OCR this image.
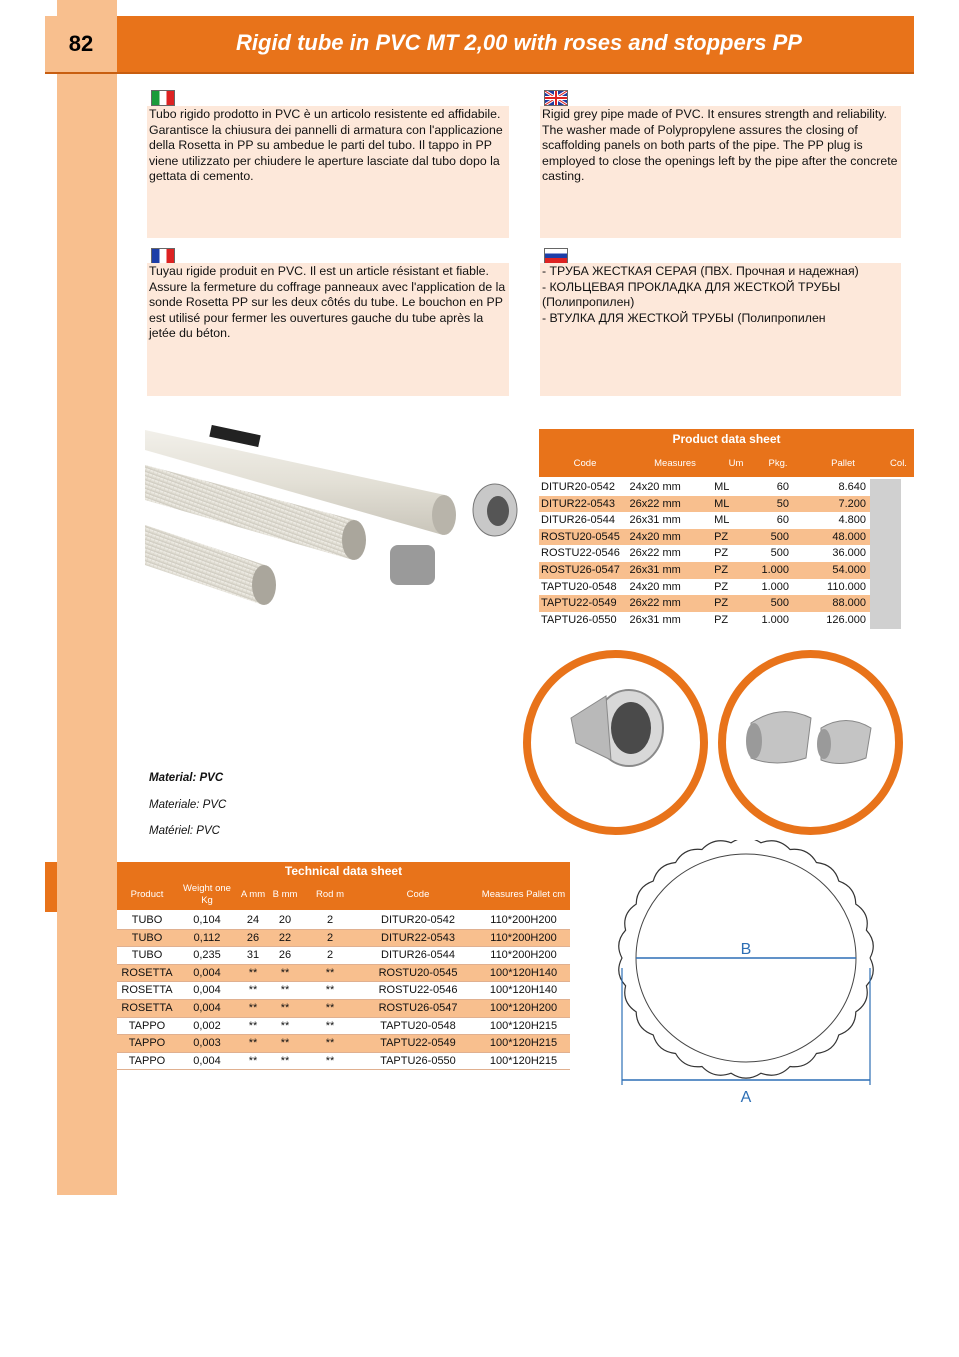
82	Rigid tube in PVC MT 2,00 with roses and stoppers PP
Tubo rigido prodotto in PVC è un articolo resistente ed affidabile. Garantisce la chiusura dei pannelli di armatura con l'applicazione della Rosetta in PP su ambedue le parti del tubo. Il tappo in PP viene utilizzato per chiudere le aperture lasciate dal tubo dopo la gettata di cemento.
Rigid grey pipe made of PVC. It ensures strength and reliability. The washer made of Polypropylene assures the closing of scaffolding panels on both parts of the pipe. The PP plug is employed to close the openings left by the pipe after the concrete casting.
Tuyau rigide produit en PVC. Il est un article résistant et fiable. Assure la fermeture du coffrage panneaux avec l'application de la sonde Rosetta PP sur les deux côtés du tube. Le bouchon en PP est utilisé pour fermer les ouvertures gauche du tube après la jetée du béton.
- ТРУБА ЖЕСТКАЯ СЕРАЯ (ПВХ. Прочная и надежная)
- КОЛЬЦЕВАЯ ПРОКЛАДКА ДЛЯ ЖЕСТКОЙ ТРУБЫ
(Полипропилен)
- ВТУЛКА ДЛЯ ЖЕСТКОЙ ТРУБЫ (Полипропилен
Product data sheet
Code	Measures	Um	Pkg.	Pallet	Col.
DITUR20-0542	24x20 mm	ML	60	8.640
DITUR22-0543	26x22 mm	ML	50	7.200
DITUR26-0544	26x31 mm	ML	60	4.800
ROSTU20-0545 24x20 mm	PZ	500	48.000
ROSTU22-0546 26x22 mm	PZ	500	36.000
ROSTU26-0547 26x31 mm	PZ	1.000	54.000
TAPTU20-0548	24x20 mm	PZ	1.000	110.000
TAPTU22-0549	26x22 mm	PZ	500	88.000
TAPTU26-0550	26x31 mm	PZ	1.000	126.000
Material: PVC
Materiale: PVC
Matériel: PVC
Technical data sheet
Product
Weight one Kg
A mm B mm	Rod m	Code	Measures Pallet cm
TUBO	0,104	24	20	2	DITUR20-0542	110*200H200
TUBO	0,112	26	22	2	DITUR22-0543	110*200H200
TUBO	0,235	31	26	2	DITUR26-0544	110*200H200
ROSETTA	0,004	**	**	**	ROSTU20-0545	100*120H140
ROSETTA	0,004	**	**	**	ROSTU22-0546	100*120H140
ROSETTA	0,004	**	**	**	ROSTU26-0547	100*120H200
TAPPO	0,002	**	**	**	TAPTU20-0548	100*120H215
TAPPO	0,003	**	**	**	TAPTU22-0549	100*120H215
TAPPO	0,004	**	**	**	TAPTU26-0550	100*120H215
B
A
